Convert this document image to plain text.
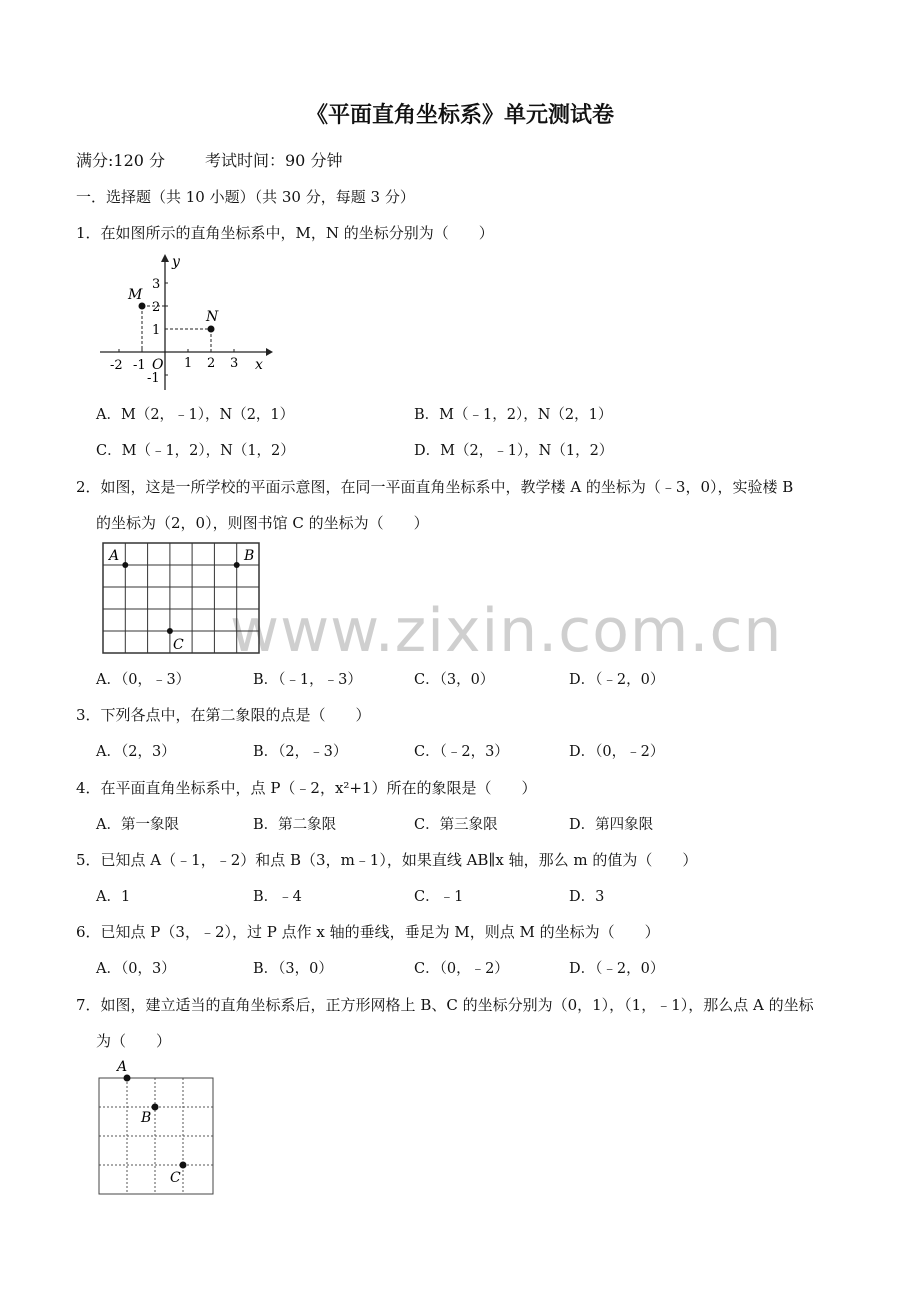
《平面直角坐标系》单元测试卷
满分:120 分 考试时间：90 分钟
一．选择题（共 10 小题）（共 30 分，每题 3 分）
www.zixin.com.cn
1．在如图所示的直角坐标系中，M，N 的坐标分别为（　　）
M
N
y
x
O
-2 -1	1 2 3
3
2
1
-1
A．M（2，﹣1），N（2，1）	B．M（﹣1，2），N（2，1）
C．M（﹣1，2），N（1，2）	D．M（2，﹣1），N（1，2）
2．如图，这是一所学校的平面示意图，在同一平面直角坐标系中，教学楼 A 的坐标为（﹣3，0），实验楼 B
的坐标为（2，0），则图书馆 C 的坐标为（　　）
A	B
C
A．（0，﹣3）	B．（﹣1，﹣3）	C．（3，0）	D．（﹣2，0）
3．下列各点中，在第二象限的点是（　　）
A．（2，3）	B．（2，﹣3）	C．（﹣2，3）	D．（0，﹣2）
4．在平面直角坐标系中，点 P（﹣2，x²+1）所在的象限是（　　）
A．第一象限	B．第二象限	C．第三象限	D．第四象限
5．已知点 A（﹣1，﹣2）和点 B（3，m﹣1），如果直线 AB∥x 轴，那么 m 的值为（　　）
A．1	B．﹣4	C．﹣1	D．3
6．已知点 P（3，﹣2），过 P 点作 x 轴的垂线，垂足为 M，则点 M 的坐标为（　　）
A．（0，3）	B．（3，0）	C．（0，﹣2）	D．（﹣2，0）
7．如图，建立适当的直角坐标系后，正方形网格上 B、C 的坐标分别为（0，1），（1，﹣1），那么点 A 的坐标
为（　　）
A
B
C
